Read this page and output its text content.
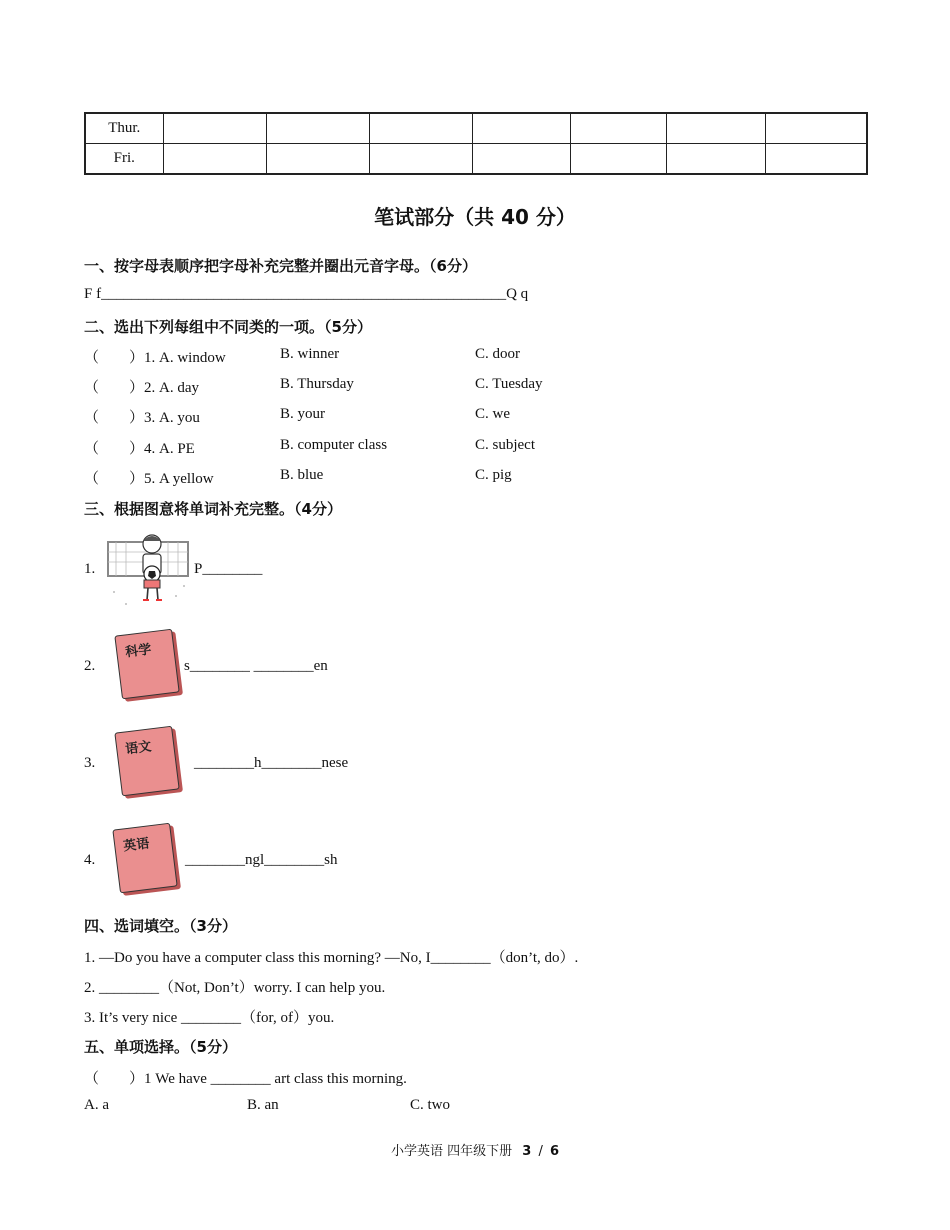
Thur.							
Fri.							
笔试部分（共 40 分）
一、按字母表顺序把字母补充完整并圈出元音字母。（6分）
F f______________________________________________________Q q
二、选出下列每组中不同类的一项。（5分）
（　　）1. A. window	B. winner	C. door
（　　）2. A. day	B. Thursday	C. Tuesday
（　　）3. A. you	B. your	C. we
（　　）4. A. PE	B. computer class	C. subject
（　　）5. A yellow	B. blue	C. pig
三、根据图意将单词补充完整。（4分）
1.	P________
2.
科学
s________ ________en
3.
语文
________h________nese
4.
英语
________ngl________sh
四、选词填空。（3分）
1. —Do you have a computer class this morning? —No, I________（don’t, do）.
2. ________（Not, Don’t）worry. I can help you.
3. It’s very nice ________（for, of）you.
五、单项选择。（5分）
（　　）1 We have ________ art class this morning.
A. a	B. an	C. two
小学英语 四年级下册 3 / 6
